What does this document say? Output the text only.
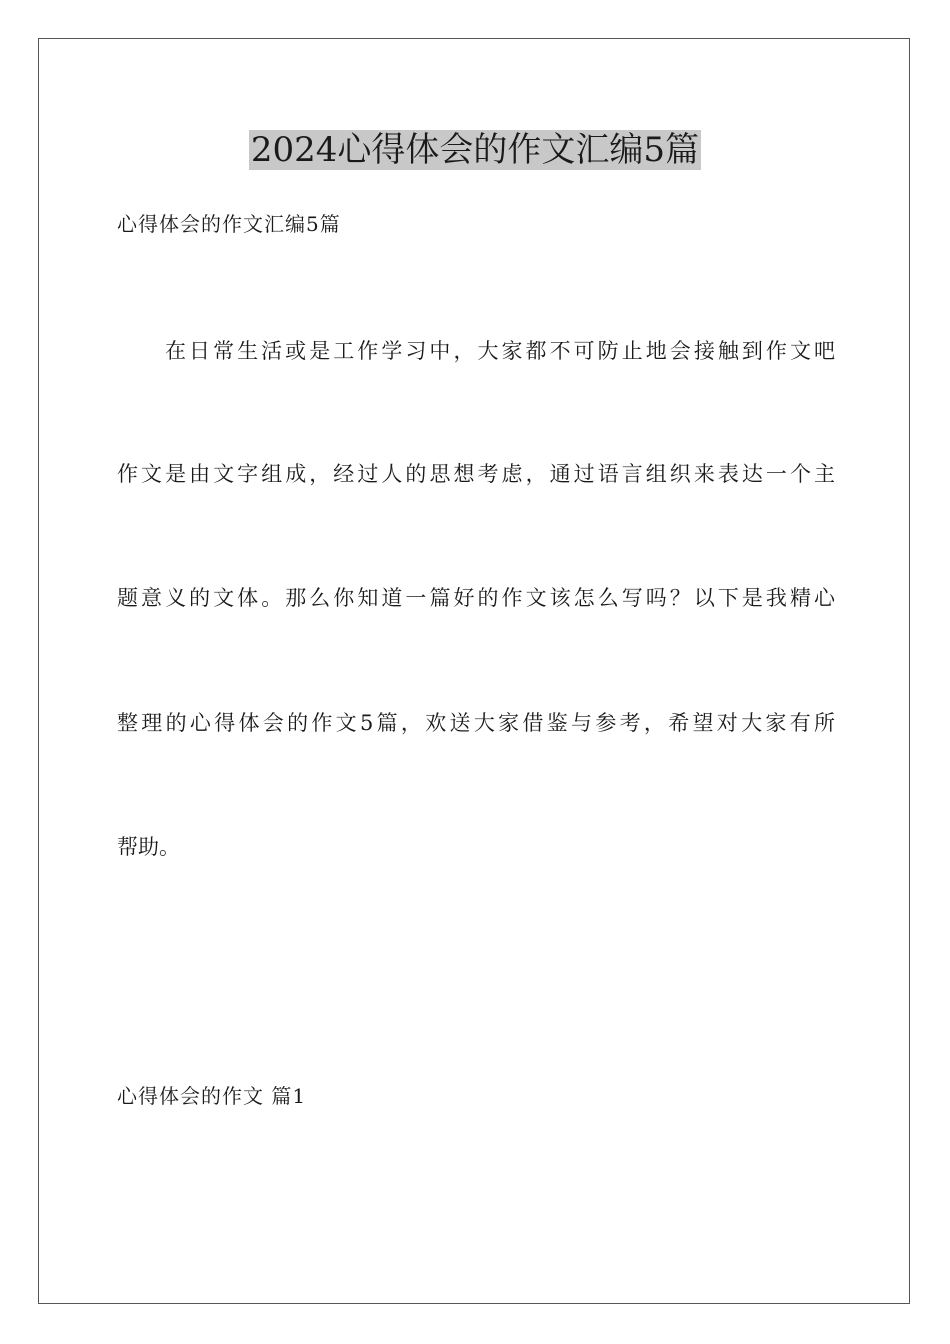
2024心得体会的作文汇编5篇

心得体会的作文汇编5篇

在日常生活或是工作学习中，大家都不可防止地会接触到作文吧

作文是由文字组成，经过人的思想考虑，通过语言组织来表达一个主

题意义的文体。那么你知道一篇好的作文该怎么写吗？以下是我精心

整理的心得体会的作文5篇，欢送大家借鉴与参考，希望对大家有所

帮助。

心得体会的作文 篇1
